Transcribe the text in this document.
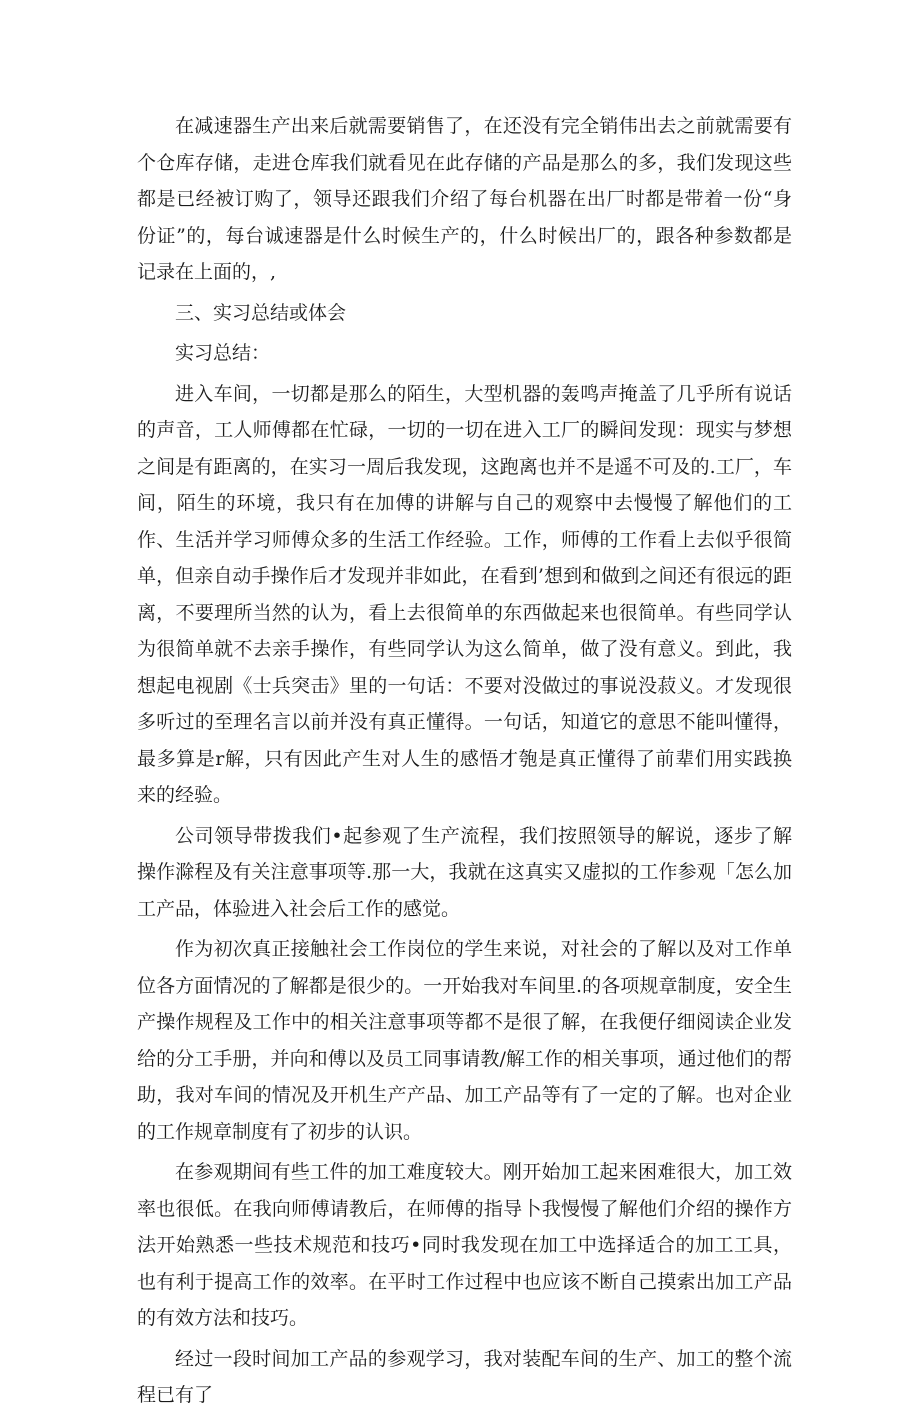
在减速器生产出来后就需要销售了，在还没有完全销伟出去之前就需要有个仓库存储，走进仓库我们就看见在此存储的产品是那么的多，我们发现这些都是已经被订购了，领导还跟我们介绍了每台机器在出厂时都是带着一份“身份证”的，每台诚速器是什么时候生产的，什么时候出厂的，跟各种参数都是记录在上面的，,

三、实习总结或体会

实习总结：

进入车间，一切都是那么的陌生，大型机器的轰鸣声掩盖了几乎所有说话的声音，工人师傅都在忙碌，一切的一切在进入工厂的瞬间发现：现实与梦想之间是有距离的，在实习一周后我发现，这跑离也并不是遥不可及的.工厂，车间，陌生的环境，我只有在加傅的讲解与自己的观察中去慢慢了解他们的工作、生活并学习师傅众多的生活工作经验。工作，师傅的工作看上去似乎很简单，但亲自动手操作后才发现并非如此，在看到’想到和做到之间还有很远的距离，不要理所当然的认为，看上去很简单的东西做起来也很简单。有些同学认为很简单就不去亲手操作，有些同学认为这么简单，做了没有意义。到此，我想起电视剧《士兵突击》里的一句话：不要对没做过的事说没菽义。才发现很多听过的至理名言以前并没有真正懂得。一句话，知道它的意思不能叫懂得，最多算是r解，只有因此产生对人生的感悟才匏是真正懂得了前辈们用实践换来的经验。

公司领导带拨我们•起参观了生产流程，我们按照领导的解说，逐步了解操作滁程及有关注意事项等.那一大，我就在这真实又虚拟的工作参观「怎么加工产品，体验进入社会后工作的感觉。

作为初次真正接触社会工作岗位的学生来说，对社会的了解以及对工作单位各方面情况的了解都是很少的。一开始我对车间里.的各项规章制度，安全生产操作规程及工作中的相关注意事项等都不是很了解，在我便仔细阅读企业发给的分工手册，并向和傅以及员工同事请教/解工作的相关事项，通过他们的帮助，我对车间的情况及开机生产产品、加工产品等有了一定的了解。也对企业的工作规章制度有了初步的认识。

在参观期间有些工件的加工难度较大。刚开始加工起来困难很大，加工效率也很低。在我向师傅请教后，在师傅的指导卜我慢慢了解他们介绍的操作方法开始熟悉一些技术规范和技巧•同时我发现在加工中选择适合的加工工具，也有利于提高工作的效率。在平时工作过程中也应该不断自己摸索出加工产品的有效方法和技巧。

经过一段时间加工产品的参观学习，我对装配车间的生产、加工的整个流程已有了
